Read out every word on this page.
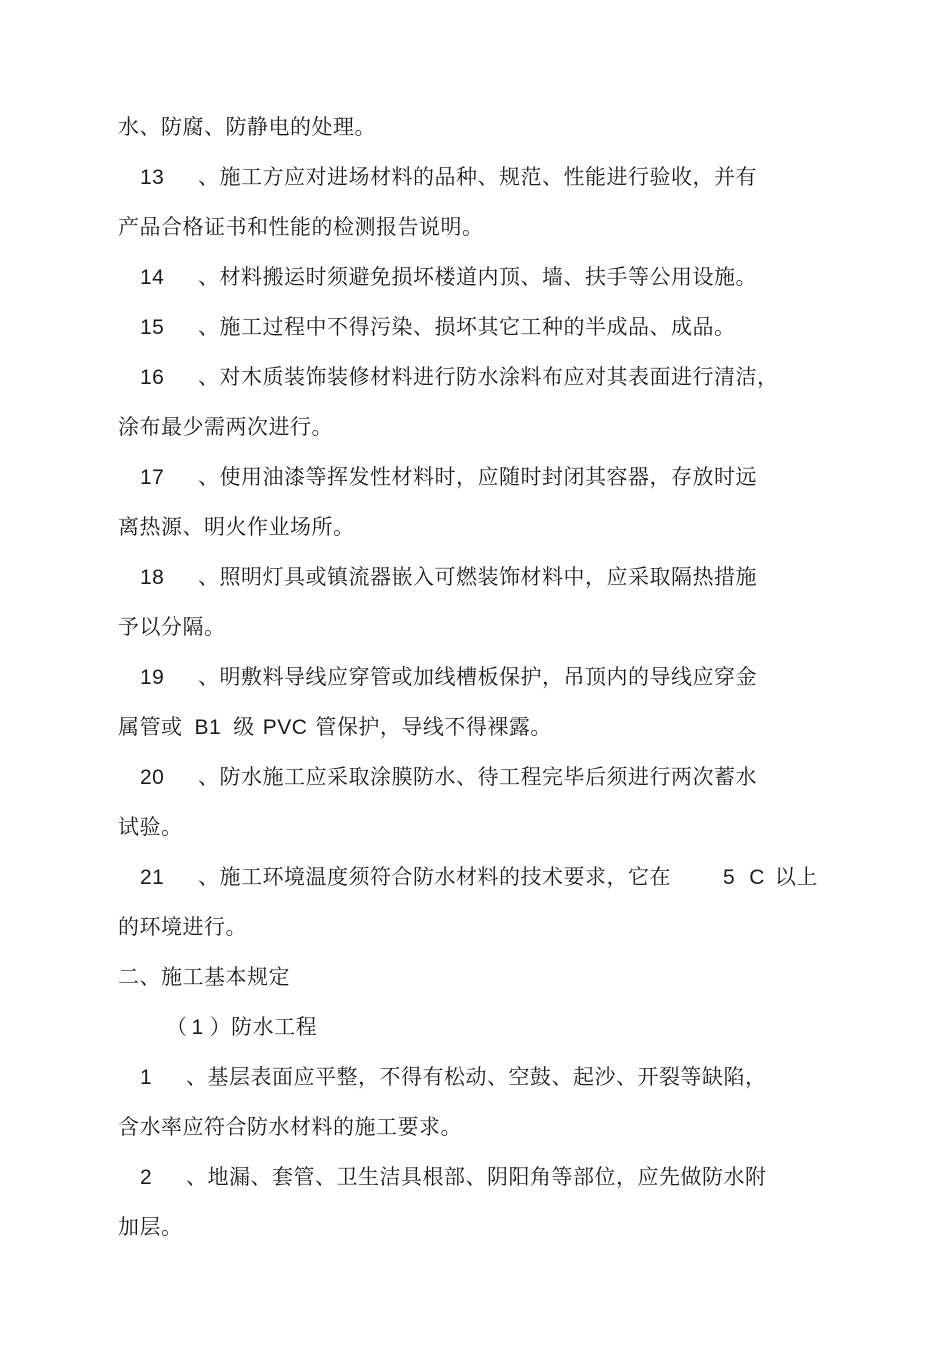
水、防腐、防静电的处理。
13 、施工方应对进场材料的品种、规范、性能进行验收，并有
产品合格证书和性能的检测报告说明。
14 、材料搬运时须避免损坏楼道内顶、墙、扶手等公用设施。
15 、施工过程中不得污染、损坏其它工种的半成品、成品。
16 、对木质装饰装修材料进行防水涂料布应对其表面进行清洁，
涂布最少需两次进行。
17 、使用油漆等挥发性材料时，应随时封闭其容器，存放时远
离热源、明火作业场所。
18 、照明灯具或镇流器嵌入可燃装饰材料中，应采取隔热措施
予以分隔。
19 、明敷料导线应穿管或加线槽板保护，吊顶内的导线应穿金
属管或 B1 级 PVC 管保护，导线不得裸露。
20 、防水施工应采取涂膜防水、待工程完毕后须进行两次蓄水
试验。
21 、施工环境温度须符合防水材料的技术要求，它在 5 C 以上
的环境进行。
二、施工基本规定
（ 1 ）防水工程
1 、基层表面应平整，不得有松动、空鼓、起沙、开裂等缺陷，
含水率应符合防水材料的施工要求。
2 、地漏、套管、卫生洁具根部、阴阳角等部位，应先做防水附
加层。
